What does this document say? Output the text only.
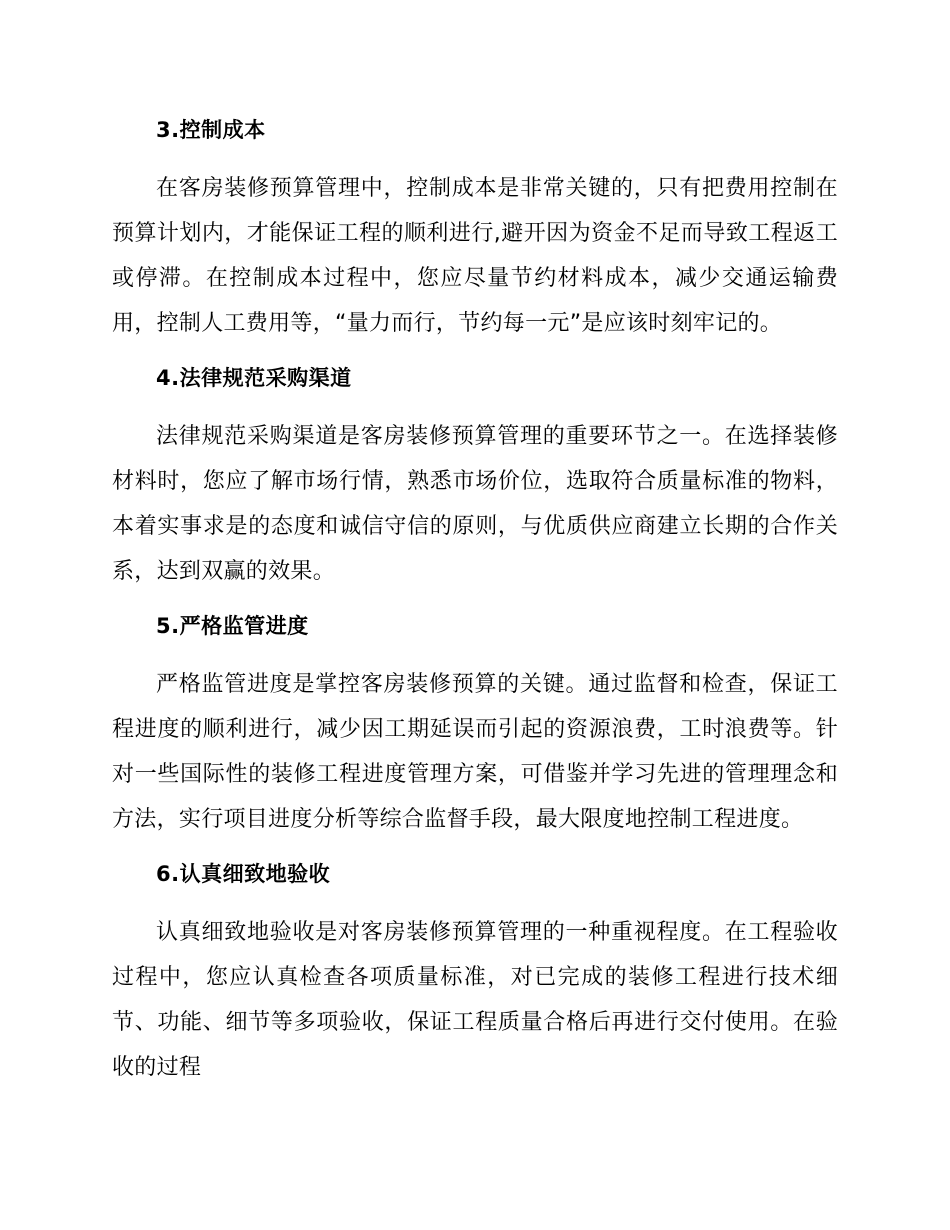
3.控制成本

在客房装修预算管理中，控制成本是非常关键的，只有把费用控制在预算计划内，才能保证工程的顺利进行,避开因为资金不足而导致工程返工或停滞。在控制成本过程中，您应尽量节约材料成本，减少交通运输费用，控制人工费用等，“量力而行，节约每一元”是应该时刻牢记的。

4.法律规范采购渠道

法律规范采购渠道是客房装修预算管理的重要环节之一。在选择装修材料时，您应了解市场行情，熟悉市场价位，选取符合质量标准的物料，本着实事求是的态度和诚信守信的原则，与优质供应商建立长期的合作关系，达到双赢的效果。

5.严格监管进度

严格监管进度是掌控客房装修预算的关键。通过监督和检查，保证工程进度的顺利进行，减少因工期延误而引起的资源浪费，工时浪费等。针对一些国际性的装修工程进度管理方案，可借鉴并学习先进的管理理念和方法，实行项目进度分析等综合监督手段，最大限度地控制工程进度。

6.认真细致地验收

认真细致地验收是对客房装修预算管理的一种重视程度。在工程验收过程中，您应认真检查各项质量标准，对已完成的装修工程进行技术细节、功能、细节等多项验收，保证工程质量合格后再进行交付使用。在验收的过程
